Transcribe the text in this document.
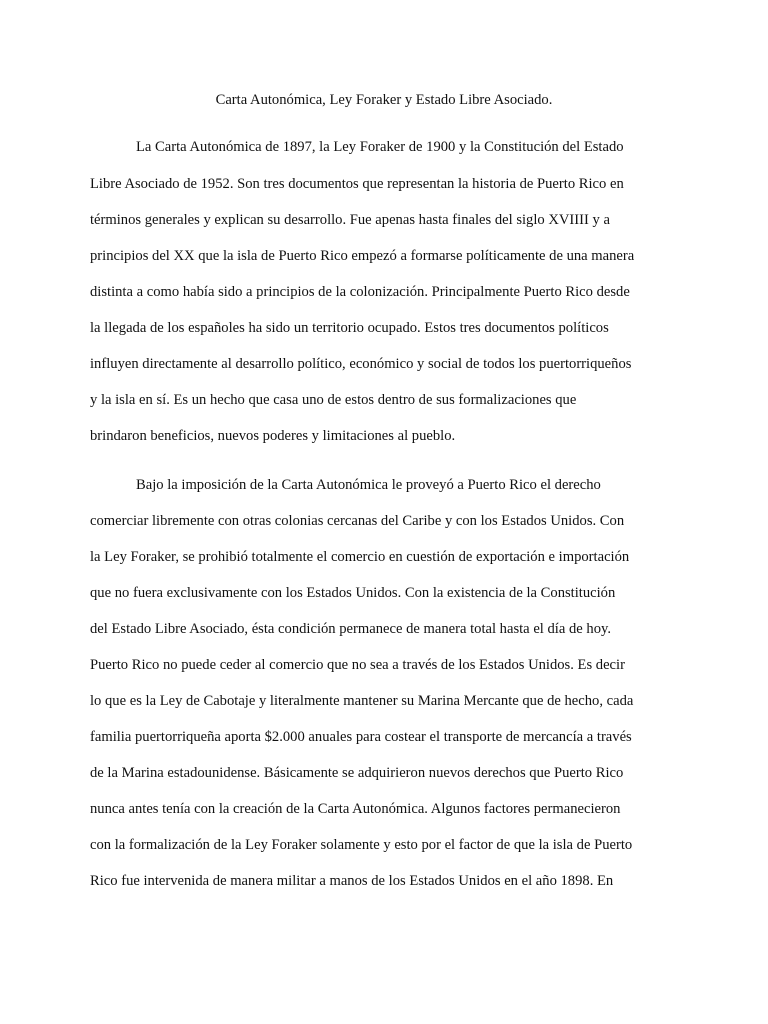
Carta Autonómica, Ley Foraker y Estado Libre Asociado.
La Carta Autonómica de 1897, la Ley Foraker de 1900 y la Constitución del Estado
Libre Asociado de 1952. Son tres documentos que representan la historia de Puerto Rico en
términos generales y explican su desarrollo. Fue apenas hasta finales del siglo XVIIII y a
principios del XX que la isla de Puerto Rico empezó a formarse políticamente de una manera
distinta a como había sido a principios de la colonización. Principalmente Puerto Rico desde
la llegada de los españoles ha sido un territorio ocupado. Estos tres documentos políticos
influyen directamente al desarrollo político, económico y social de todos los puertorriqueños
y la isla en sí. Es un hecho que casa uno de estos dentro de sus formalizaciones que
brindaron beneficios, nuevos poderes y limitaciones al pueblo.
Bajo la imposición de la Carta Autonómica le proveyó a Puerto Rico el derecho
comerciar libremente con otras colonias cercanas del Caribe y con los Estados Unidos. Con
la Ley Foraker, se prohibió totalmente el comercio en cuestión de exportación e importación
que no fuera exclusivamente con los Estados Unidos. Con la existencia de la Constitución
del Estado Libre Asociado, ésta condición permanece de manera total hasta el día de hoy.
Puerto Rico no puede ceder al comercio que no sea a través de los Estados Unidos. Es decir
lo que es la Ley de Cabotaje y literalmente mantener su Marina Mercante que de hecho, cada
familia puertorriqueña aporta $2.000 anuales para costear el transporte de mercancía a través
de la Marina estadounidense. Básicamente se adquirieron nuevos derechos que Puerto Rico
nunca antes tenía con la creación de la Carta Autonómica. Algunos factores permanecieron
con la formalización de la Ley Foraker solamente y esto por el factor de que la isla de Puerto
Rico fue intervenida de manera militar a manos de los Estados Unidos en el año 1898. En
